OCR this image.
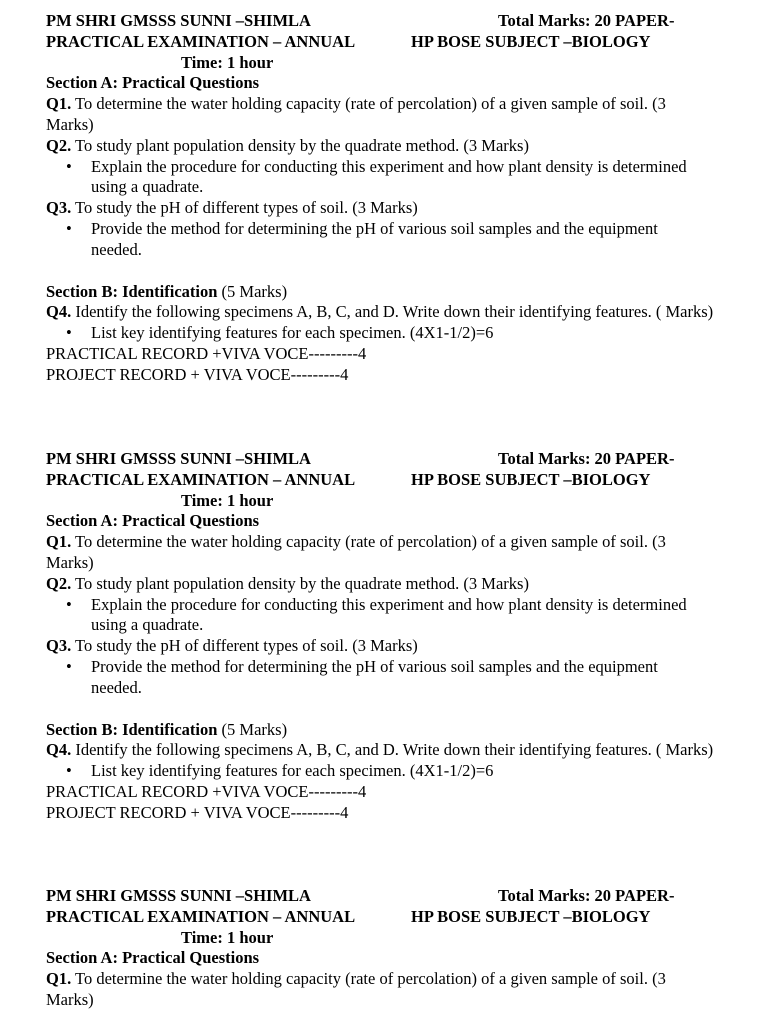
PM SHRI GMSSS SUNNI –SHIMLA	Total Marks: 20 PAPER-
PRACTICAL EXAMINATION – ANNUAL	HP BOSE SUBJECT –BIOLOGY
Time: 1 hour
Section A: Practical Questions
Q1. To determine the water holding capacity (rate of percolation) of a given sample of soil. (3 Marks)
Q2. To study plant population density by the quadrate method. (3 Marks)
• Explain the procedure for conducting this experiment and how plant density is determined using a quadrate.
Q3. To study the pH of different types of soil. (3 Marks)
• Provide the method for determining the pH of various soil samples and the equipment needed.
Section B: Identification (5 Marks)
Q4. Identify the following specimens A, B, C, and D. Write down their identifying features. ( Marks)
• List key identifying features for each specimen. (4X1-1/2)=6
PRACTICAL RECORD +VIVA VOCE---------4
PROJECT RECORD + VIVA VOCE---------4
PM SHRI GMSSS SUNNI –SHIMLA	Total Marks: 20 PAPER-
PRACTICAL EXAMINATION – ANNUAL	HP BOSE SUBJECT –BIOLOGY
Time: 1 hour
Section A: Practical Questions
Q1. To determine the water holding capacity (rate of percolation) of a given sample of soil. (3 Marks)
Q2. To study plant population density by the quadrate method. (3 Marks)
• Explain the procedure for conducting this experiment and how plant density is determined using a quadrate.
Q3. To study the pH of different types of soil. (3 Marks)
• Provide the method for determining the pH of various soil samples and the equipment needed.
Section B: Identification (5 Marks)
Q4. Identify the following specimens A, B, C, and D. Write down their identifying features. ( Marks)
• List key identifying features for each specimen. (4X1-1/2)=6
PRACTICAL RECORD +VIVA VOCE---------4
PROJECT RECORD + VIVA VOCE---------4
PM SHRI GMSSS SUNNI –SHIMLA	Total Marks: 20 PAPER-
PRACTICAL EXAMINATION – ANNUAL	HP BOSE SUBJECT –BIOLOGY
Time: 1 hour
Section A: Practical Questions
Q1. To determine the water holding capacity (rate of percolation) of a given sample of soil. (3 Marks)
